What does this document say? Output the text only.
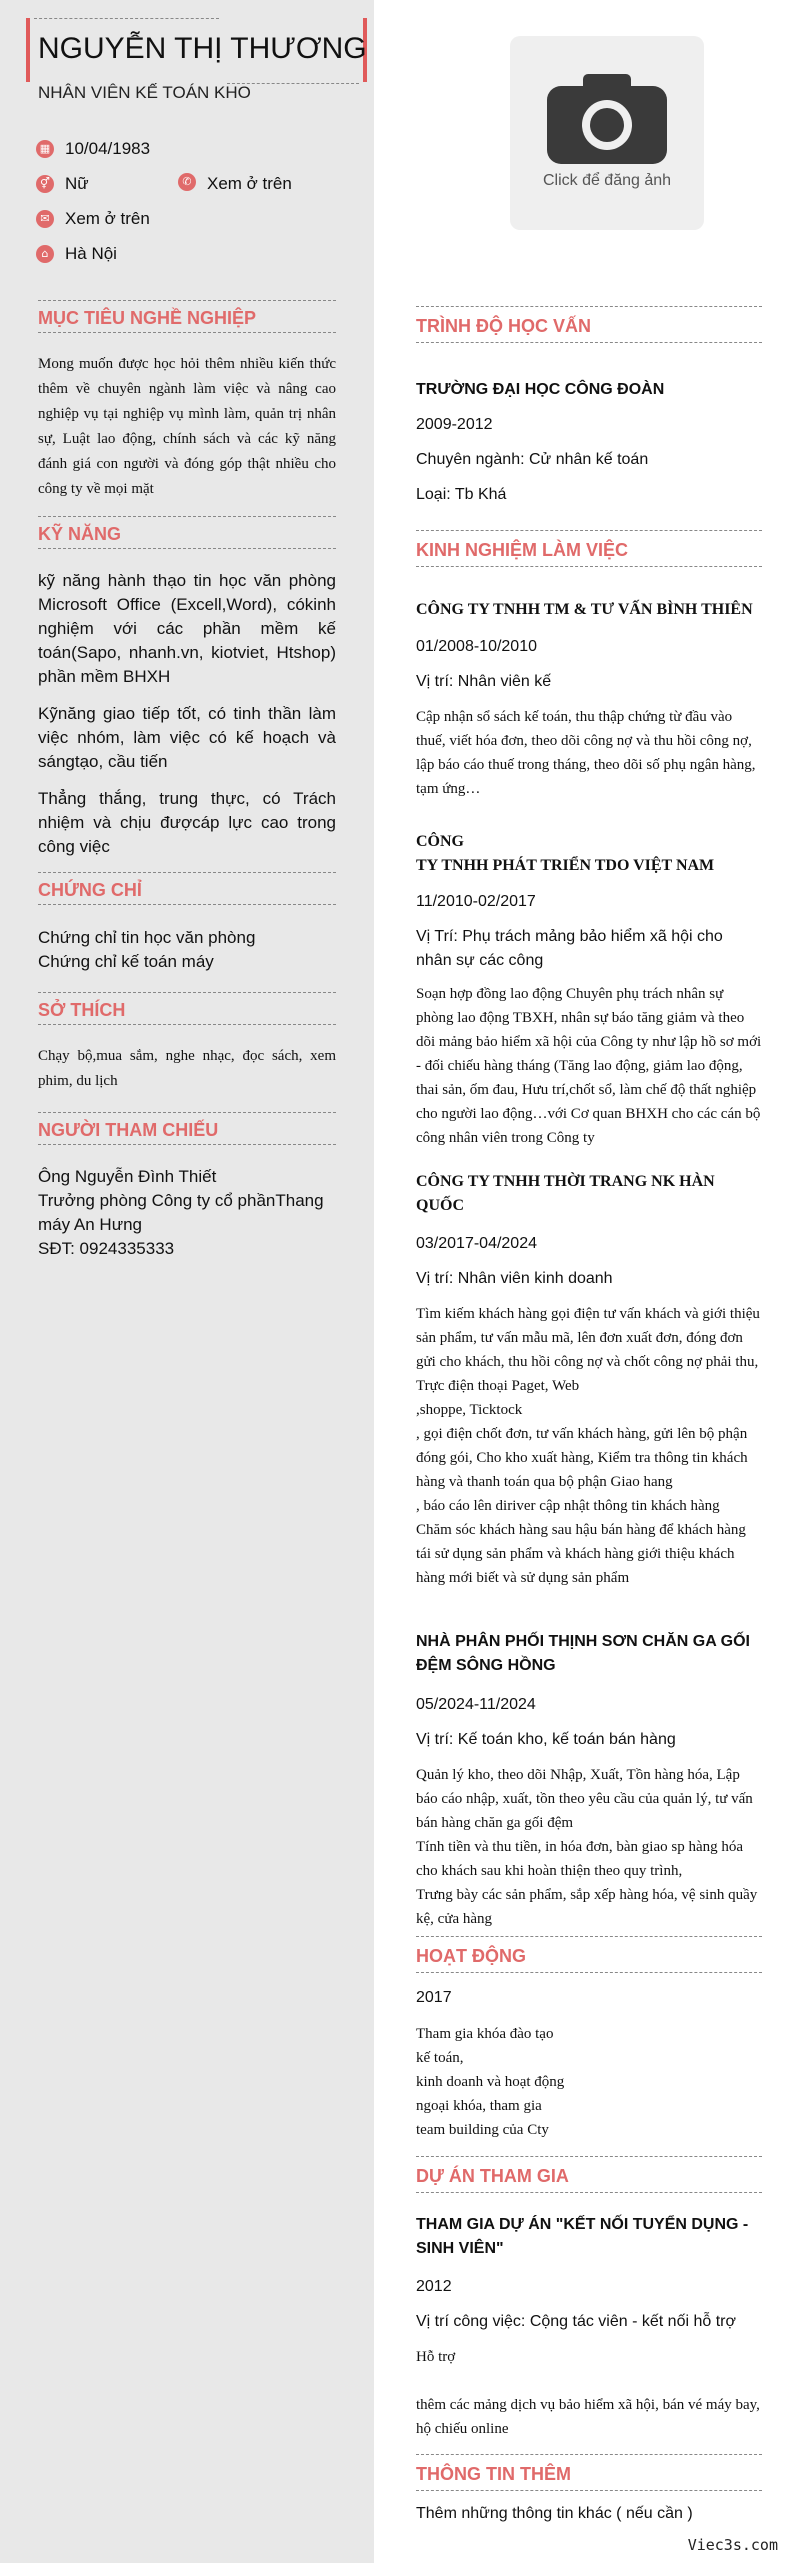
NGUYỄN THỊ THƯƠNG
NHÂN VIÊN KẾ TOÁN KHO
▦ 10/04/1983
⚥ Nữ	✆ Xem ở trên
✉ Xem ở trên
⌂ Hà Nội
MỤC TIÊU NGHỀ NGHIỆP
Mong muốn được học hỏi thêm nhiều kiến thức thêm về chuyên ngành làm việc và nâng cao nghiệp vụ tại nghiệp vụ mình làm, quản trị nhân sự, Luật lao động, chính sách và các kỹ năng đánh giá con người và đóng góp thật nhiều cho công ty về mọi mặt
KỸ NĂNG
kỹ năng hành thạo tin học văn phòng Microsoft Office (Excell,Word), cókinh nghiệm với các phần mềm kế toán(Sapo, nhanh.vn, kiotviet, Htshop) phần mềm BHXH
Kỹnăng giao tiếp tốt, có tinh thần làm việc nhóm, làm việc có kế hoạch và sángtạo, cầu tiến
Thẳng thắng, trung thực, có Trách nhiệm và chịu đượcáp lực cao trong công việc
CHỨNG CHỈ
Chứng chỉ tin học văn phòng
Chứng chỉ kế toán máy
SỞ THÍCH
Chạy bộ,mua sắm, nghe nhạc, đọc sách, xem phim, du lịch
NGƯỜI THAM CHIẾU
Ông Nguyễn Đình Thiết
Trưởng phòng Công ty cổ phầnThang máy An Hưng
SĐT: 0924335333
Click để đăng ảnh
TRÌNH ĐỘ HỌC VẤN
TRƯỜNG ĐẠI HỌC CÔNG ĐOÀN
2009-2012
Chuyên ngành: Cử nhân kế toán
Loại: Tb Khá
KINH NGHIỆM LÀM VIỆC
CÔNG TY TNHH TM & TƯ VẤN BÌNH THIÊN
01/2008-10/2010
Vị trí: Nhân viên kế
Cập nhận sổ sách kế toán, thu thập chứng từ đầu vào thuế, viết hóa đơn, theo dõi công nợ và thu hồi công nợ, lập báo cáo thuế trong tháng, theo dõi số phụ ngân hàng, tạm ứng…
CÔNG
TY TNHH PHÁT TRIỂN TDO VIỆT NAM
11/2010-02/2017
Vị Trí: Phụ trách mảng bảo hiểm xã hội cho nhân sự các công
Soạn hợp đồng lao động Chuyên phụ trách nhân sự phòng lao động TBXH, nhân sự báo tăng giảm và theo dõi mảng bảo hiểm xã hội của Công ty như lập hồ sơ mới - đối chiếu hàng tháng (Tăng lao động, giảm lao động, thai sản, ốm đau, Hưu trí,chốt sổ, làm chế độ thất nghiệp cho người lao động…với Cơ quan BHXH cho các cán bộ công nhân viên trong Công ty
CÔNG TY TNHH THỜI TRANG NK HÀN QUỐC
03/2017-04/2024
Vị trí: Nhân viên kinh doanh
Tìm kiếm khách hàng gọi điện tư vấn khách và giới thiệu sản phẩm, tư vấn mẫu mã, lên đơn xuất đơn, đóng đơn gửi cho khách, thu hồi công nợ và chốt công nợ phải thu,
Trực điện thoại Paget, Web
,shoppe, Ticktock
, gọi điện chốt đơn, tư vấn khách hàng, gửi lên bộ phận đóng gói, Cho kho xuất hàng, Kiểm tra thông tin khách hàng và thanh toán qua bộ phận Giao hang
, báo cáo lên diriver cập nhật thông tin khách hàng
Chăm sóc khách hàng sau hậu bán hàng để khách hàng tái sử dụng sản phẩm và khách hàng giới thiệu khách hàng mới biết và sử dụng sản phẩm
NHÀ PHÂN PHỐI THỊNH SƠN CHĂN GA GỐI ĐỆM SÔNG HỒNG
05/2024-11/2024
Vị trí: Kế toán kho, kế toán bán hàng
Quản lý kho, theo dõi Nhập, Xuất, Tồn hàng hóa, Lập báo cáo nhập, xuất, tồn theo yêu cầu của quản lý, tư vấn bán hàng chăn ga gối đệm
Tính tiền và thu tiền, in hóa đơn, bàn giao sp hàng hóa cho khách sau khi hoàn thiện theo quy trình,
Trưng bày các sản phẩm, sắp xếp hàng hóa, vệ sinh quầy kệ, cửa hàng
HOẠT ĐỘNG
2017
Tham gia khóa đào tạo
kế toán,
kinh doanh và hoạt động
ngoại khóa, tham gia
team building của Cty
DỰ ÁN THAM GIA
THAM GIA DỰ ÁN "KẾT NỐI TUYỂN DỤNG - SINH VIÊN"
2012
Vị trí công việc: Cộng tác viên - kết nối hỗ trợ
Hỗ trợ

thêm các mảng dịch vụ bảo hiểm xã hội, bán vé máy bay, hộ chiếu online
THÔNG TIN THÊM
Thêm những thông tin khác ( nếu cần )
Viec3s.com
